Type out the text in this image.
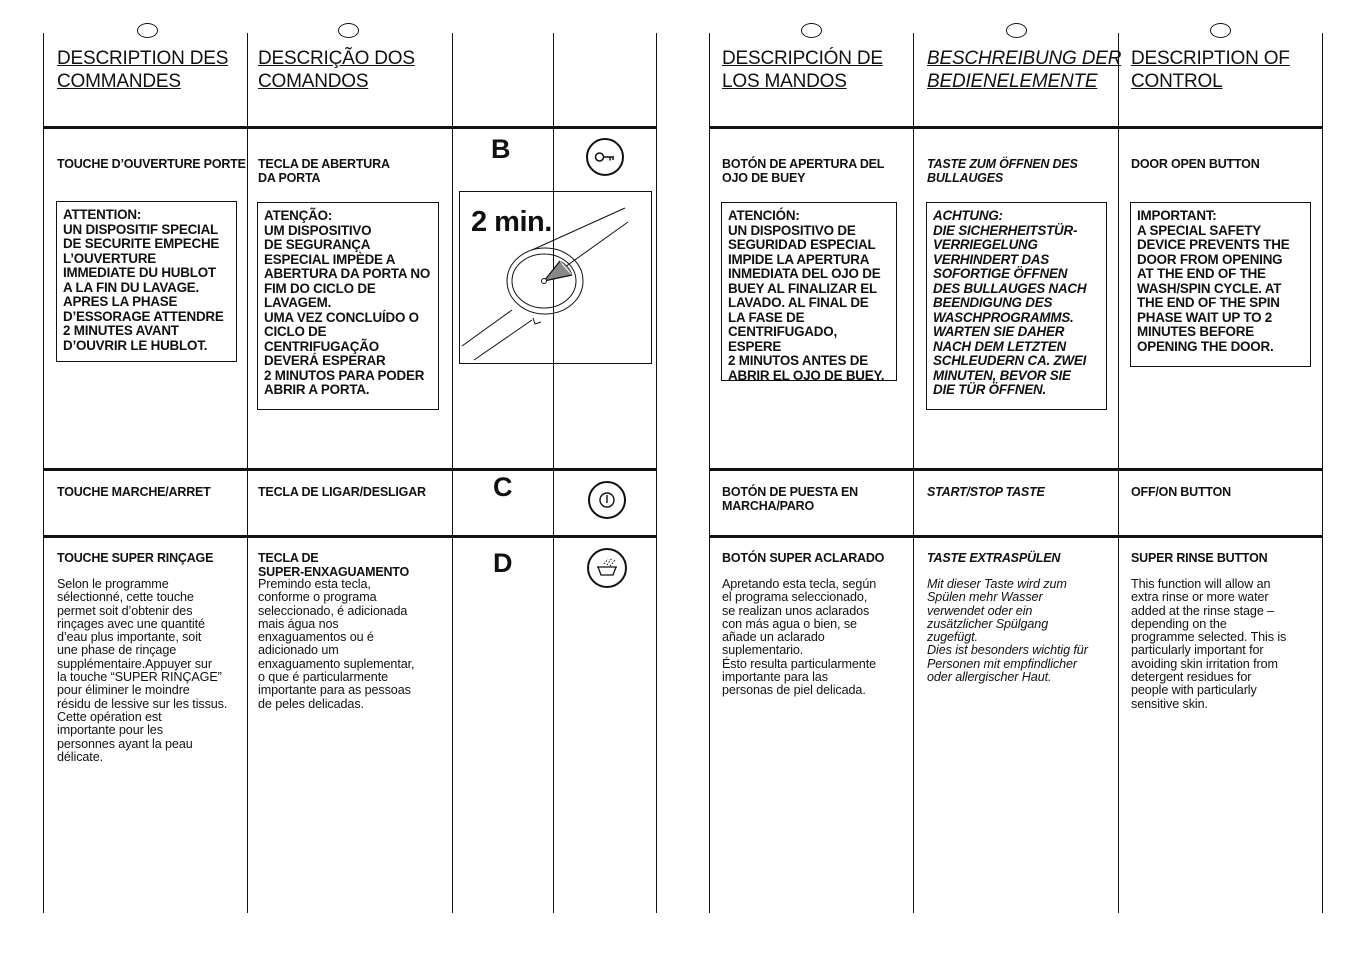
DESCRIPTION DES
COMMANDES
TOUCHE D’OUVERTURE PORTE
ATTENTION:
UN DISPOSITIF SPECIAL
DE SECURITE EMPECHE
L’OUVERTURE
IMMEDIATE DU HUBLOT
A LA FIN DU LAVAGE.
APRES LA PHASE
D’ESSORAGE ATTENDRE
2 MINUTES AVANT
D’OUVRIR LE HUBLOT.
TOUCHE MARCHE/ARRET
TOUCHE SUPER RINÇAGE
Selon le programme
sélectionné, cette touche
permet soit d’obtenir des
rinçages avec une quantité
d’eau plus importante, soit
une phase de rinçage
supplémentaire.Appuyer sur
la touche “SUPER RINÇAGE”
pour éliminer le moindre
résidu de lessive sur les tissus.
Cette opération est
importante pour les
personnes ayant la peau
délicate.
DESCRIÇÃO DOS
COMANDOS
TECLA DE ABERTURA
DA PORTA
ATENÇÃO:
UM DISPOSITIVO
DE SEGURANÇA
ESPECIAL IMPÈDE A
ABERTURA DA PORTA NO
FIM DO CICLO DE
LAVAGEM.
UMA VEZ CONCLUÍDO O
CICLO DE
CENTRIFUGAÇÃO
DEVERÁ ESPERAR
2 MINUTOS PARA PODER
ABRIR A PORTA.
TECLA DE LIGAR/DESLIGAR
TECLA DE
SUPER-ENXAGUAMENTO
Premindo esta tecla,
conforme o programa
seleccionado, é adicionada
mais água nos
enxaguamentos ou é
adicionado um
enxaguamento suplementar,
o que é particularmente
importante para as pessoas
de peles delicadas.
B
2 min.
C
D
DESCRIPCIÓN DE
LOS MANDOS
BOTÓN DE APERTURA DEL
OJO DE BUEY
ATENCIÓN:
UN DISPOSITIVO DE
SEGURIDAD ESPECIAL
IMPIDE LA APERTURA
INMEDIATA DEL OJO DE
BUEY AL FINALIZAR EL
LAVADO. AL FINAL DE
LA FASE DE
CENTRIFUGADO, ESPERE
2 MINUTOS ANTES DE
ABRIR EL OJO DE BUEY.
BOTÓN DE PUESTA EN
MARCHA/PARO
BOTÓN SUPER ACLARADO
Apretando esta tecla, según
el programa seleccionado,
se realizan unos aclarados
con más agua o bien, se
añade un aclarado
suplementario.
Ésto resulta particularmente
importante para las
personas de piel delicada.
BESCHREIBUNG DER
BEDIENELEMENTE
TASTE ZUM ÖFFNEN DES
BULLAUGES
ACHTUNG:
DIE SICHERHEITSTÜR-
VERRIEGELUNG
VERHINDERT DAS
SOFORTIGE ÖFFNEN
DES BULLAUGES NACH
BEENDIGUNG DES
WASCHPROGRAMMS.
WARTEN SIE DAHER
NACH DEM LETZTEN
SCHLEUDERN CA. ZWEI
MINUTEN, BEVOR SIE
DIE TÜR ÖFFNEN.
START/STOP TASTE
TASTE EXTRASPÜLEN
Mit dieser Taste wird zum
Spülen mehr Wasser
verwendet oder ein
zusätzlicher Spülgang
zugefügt.
Dies ist besonders wichtig für
Personen mit empfindlicher
oder allergischer Haut.
DESCRIPTION OF
CONTROL
DOOR OPEN BUTTON
IMPORTANT:
A SPECIAL SAFETY
DEVICE PREVENTS THE
DOOR FROM OPENING
AT THE END OF THE
WASH/SPIN CYCLE. AT
THE END OF THE SPIN
PHASE WAIT UP TO 2
MINUTES BEFORE
OPENING THE DOOR.
OFF/ON BUTTON
SUPER RINSE BUTTON
This function will allow an
extra rinse or more water
added at the rinse stage –
depending on the
programme selected. This is
particularly important for
avoiding skin irritation from
detergent residues for
people with particularly
sensitive skin.
